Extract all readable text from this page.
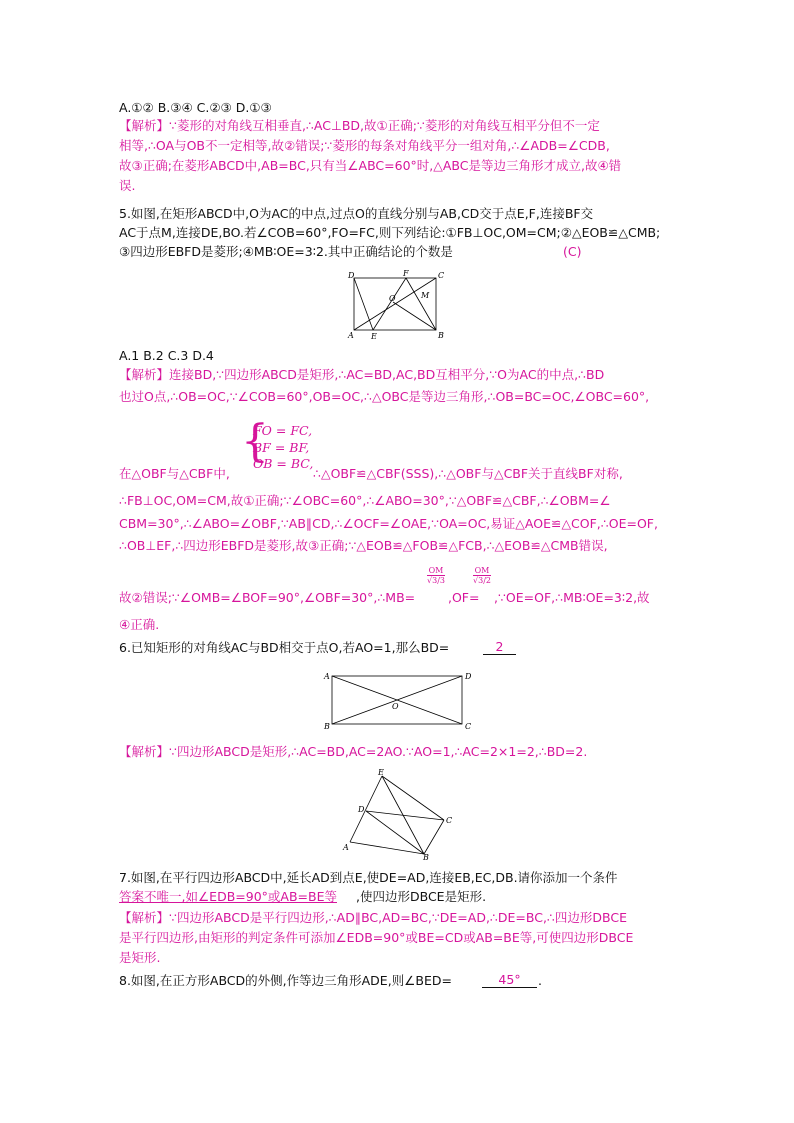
A.①② B.③④ C.②③ D.①③
【解析】∵菱形的对角线互相垂直,∴AC⊥BD,故①正确;∵菱形的对角线互相平分但不一定
相等,∴OA与OB不一定相等,故②错误;∵菱形的每条对角线平分一组对角,∴∠ADB=∠CDB,
故③正确;在菱形ABCD中,AB=BC,只有当∠ABC=60°时,△ABC是等边三角形才成立,故④错
误.
5.如图,在矩形ABCD中,O为AC的中点,过点O的直线分别与AB,CD交于点E,F,连接BF交
AC于点M,连接DE,BO.若∠COB=60°,FO=FC,则下列结论:①FB⊥OC,OM=CM;②△EOB≌△CMB;
③四边形EBFD是菱形;④MB∶OE=3∶2.其中正确结论的个数是	(C)
A	B
C
D
E
F
O	M
A.1 B.2 C.3 D.4
【解析】连接BD,∵四边形ABCD是矩形,∴AC=BD,AC,BD互相平分,∵O为AC的中点,∴BD
也过O点,∴OB=OC,∵∠COB=60°,OB=OC,∴△OBC是等边三角形,∴OB=BC=OC,∠OBC=60°,
{
FO = FC,
BF = BF,
OB = BC,
在△OBF与△CBF中,	∴△OBF≌△CBF(SSS),∴△OBF与△CBF关于直线BF对称,
∴FB⊥OC,OM=CM,故①正确;∵∠OBC=60°,∴∠ABO=30°,∵△OBF≌△CBF,∴∠OBM=∠
CBM=30°,∴∠ABO=∠OBF,∵AB∥CD,∴∠OCF=∠OAE,∵OA=OC,易证△AOE≌△COF,∴OE=OF,
∴OB⊥EF,∴四边形EBFD是菱形,故③正确;∵△EOB≌△FOB≌△FCB,∴△EOB≌△CMB错误,
$\frac{OM}{√3/3}$	$\frac{OM}{√3/2}$
故②错误;∵∠OMB=∠BOF=90°,∠OBF=30°,∴MB=	,OF= ,∵OE=OF,∴MB∶OE=3∶2,故
④正确.
6.已知矩形的对角线AC与BD相交于点O,若AO=1,那么BD=	2
A
B	C
D
O
【解析】∵四边形ABCD是矩形,∴AC=BD,AC=2AO.∵AO=1,∴AC=2×1=2,∴BD=2.
A
B
C
D
E
7.如图,在平行四边形ABCD中,延长AD到点E,使DE=AD,连接EB,EC,DB.请你添加一个条件
答案不唯一,如∠EDB=90°或AB=BE等 ,使四边形DBCE是矩形.
【解析】∵四边形ABCD是平行四边形,∴AD∥BC,AD=BC,∵DE=AD,∴DE=BC,∴四边形DBCE
是平行四边形,由矩形的判定条件可添加∠EDB=90°或BE=CD或AB=BE等,可使四边形DBCE
是矩形.
8.如图,在正方形ABCD的外侧,作等边三角形ADE,则∠BED=	45°	.
